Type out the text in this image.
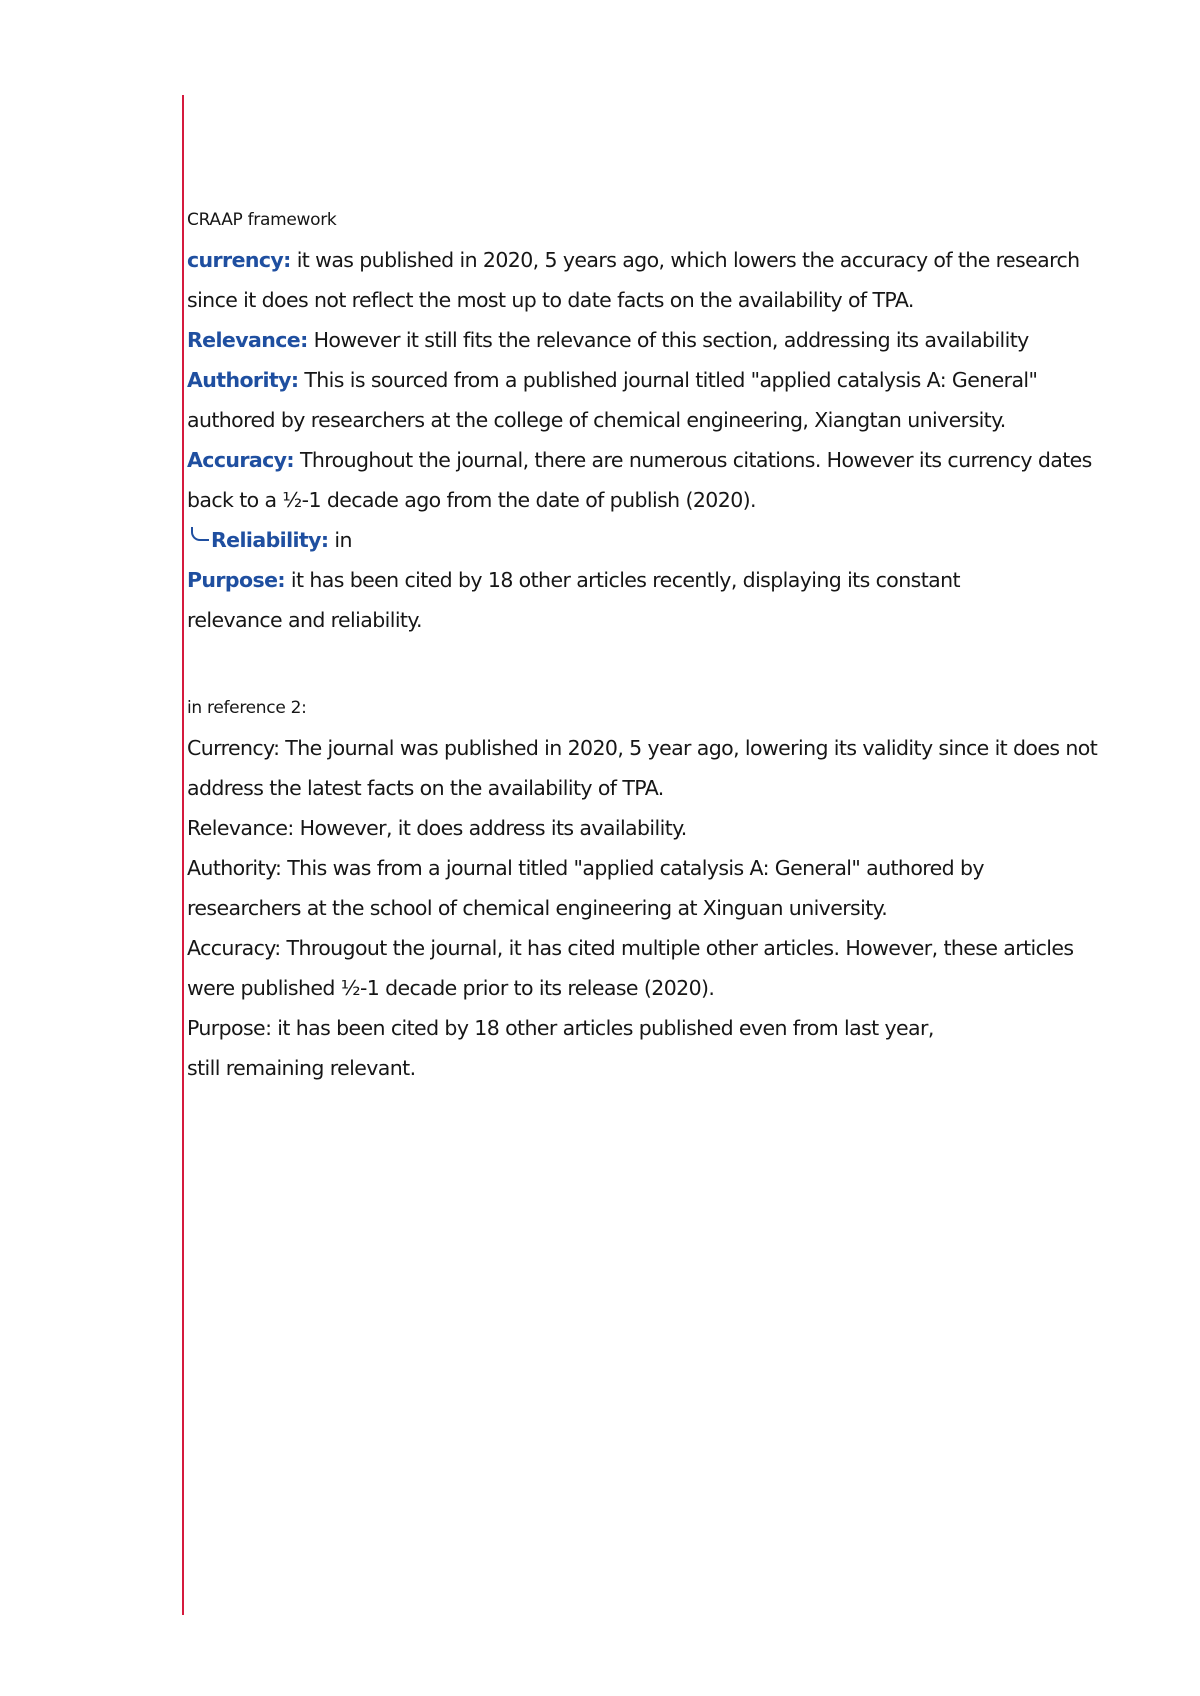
CRAAP framework
currency: it was published in 2020, 5 years ago, which lowers the accuracy of the research
since it does not reflect the most up to date facts on the availability of TPA.
Relevance: However it still fits the relevance of this section, addressing its availability
Authority: This is sourced from a published journal titled "applied catalysis A: General"
authored by researchers at the college of chemical engineering, Xiangtan university.
Accuracy: Throughout the journal, there are numerous citations. However its currency dates
back to a ½-1 decade ago from the date of publish (2020).
Reliability: in
Purpose: it has been cited by 18 other articles recently, displaying its constant
relevance and reliability.
in reference 2:
Currency: The journal was published in 2020, 5 year ago, lowering its validity since it does not
address the latest facts on the availability of TPA.
Relevance: However, it does address its availability.
Authority: This was from a journal titled "applied catalysis A: General" authored by
researchers at the school of chemical engineering at Xinguan university.
Accuracy: Througout the journal, it has cited multiple other articles. However, these articles
were published ½-1 decade prior to its release (2020).
Purpose: it has been cited by 18 other articles published even from last year,
still remaining relevant.
